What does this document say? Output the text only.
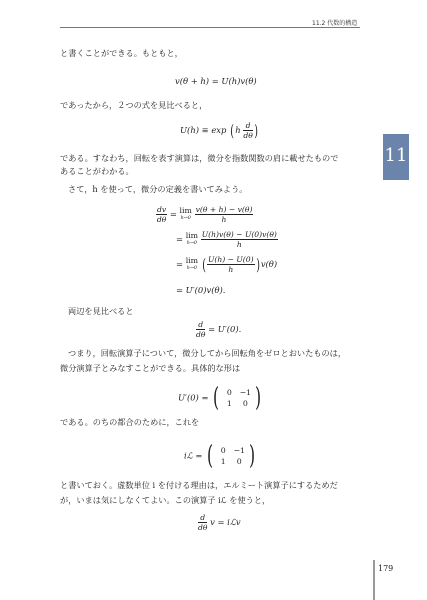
11.2 代数的構造
11
と書くことができる。もともと，
v(θ + h) = U(h)v(θ)
であったから，２つの式を見比べると，
$U(h) \equiv \exp (h \frac{d}{d\theta}$ )
である。すなわち，回転を表す演算は，微分を指数関数の肩に載せたもので
あることがわかる。
さて，h を使って，微分の定義を書いてみよう。
$\frac{dv}{d\theta} = \lim$
h→0
$\frac{v(\theta + h) - v(\theta)}{h}$
= lim
h→0
$\frac{U(h)v(\theta) - U(0)v(\theta)}{h}$
= lim
h→0 ( $\frac{U(h) - U(0)}{h} )v(\theta)$
= U′(0)v(θ).
両辺を見比べると
$\frac{d}{d\theta} = U'(0)$.
つまり，回転演算子について，微分してから回転角をゼロとおいたものは，
微分演算子とみなすことができる。具体的な形は
U′(0) = ( 0 −1
1 0 )
である。のちの都合のために，これを
iℒ = ( 0 −1
1 0 )
と書いておく。虚数単位 i を付ける理由は，エルミート演算子にするためだ
が，いまは気にしなくてよい。この演算子 iℒ を使うと，
$\frac{d}{d\theta}$ v = iℒv
179
